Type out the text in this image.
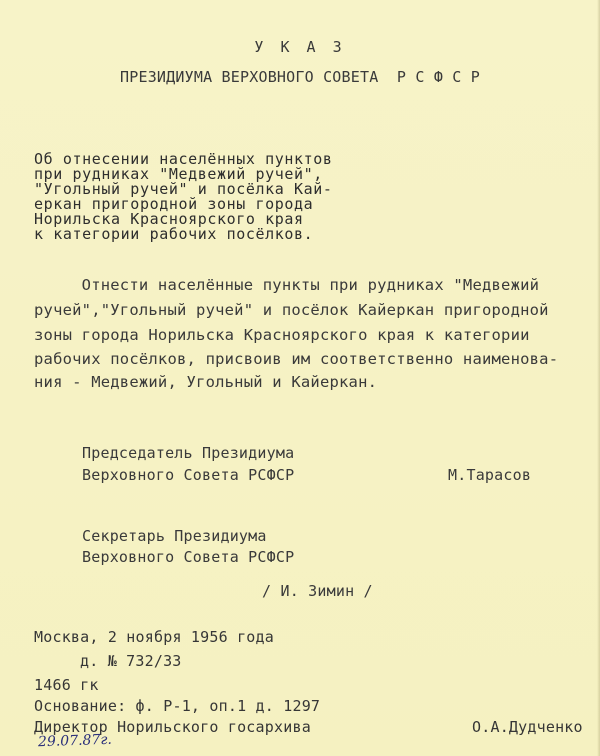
У К А З
ПРЕЗИДИУМА ВЕРХОВНОГО СОВЕТА  Р С Ф С Р
Об отнесении населённых пунктов
при рудниках "Медвежий ручей",
"Угольный ручей" и посёлка Кай-
еркан пригородной зоны города
Норильска Красноярского края
к категории рабочих посёлков.
Отнести населённые пункты при рудниках "Медвежий
ручей","Угольный ручей" и посёлок Кайеркан пригородной
зоны города Норильска Красноярского края к категории
рабочих посёлков, присвоив им соответственно наименова-
ния - Медвежий, Угольный и Кайеркан.
Председатель Президиума
Верховного Совета РСФСР	М.Тарасов
Секретарь Президиума
Верховного Совета РСФСР
/ И. Зимин /
Москва, 2 ноября 1956 года
д. № 732/33
1466 гк
Основание: ф. Р-1, оп.1 д. 1297
Директор Норильского госархива	О.А.Дудченко
29.07.87г.
